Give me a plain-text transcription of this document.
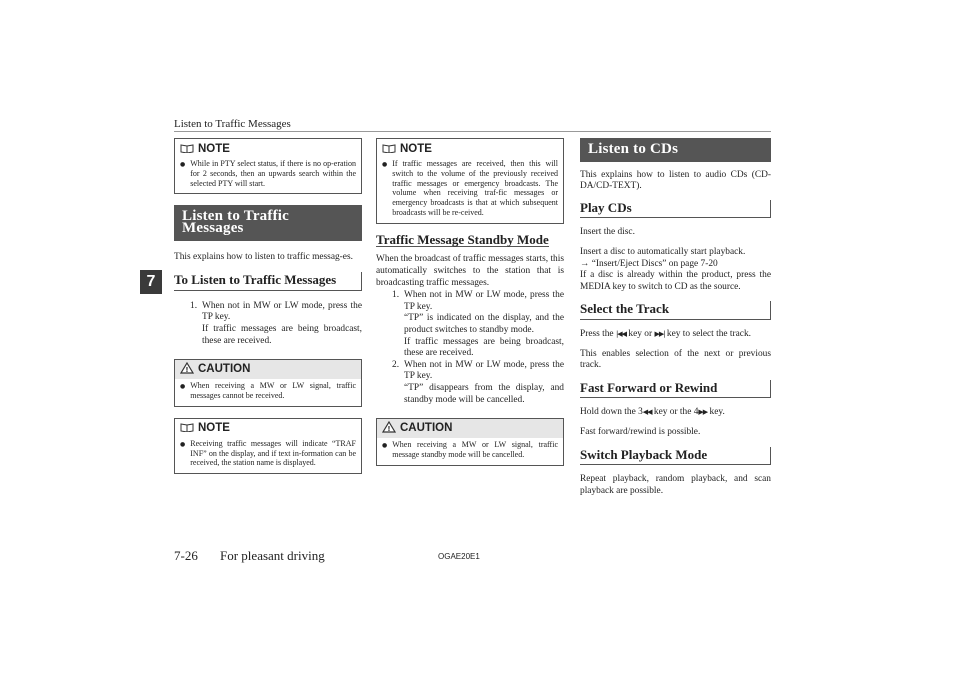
Listen to Traffic Messages
7
NOTE
● While in PTY select status, if there is no op-eration for 2 seconds, then an upwards search within the selected PTY will start.
Listen to Traffic Messages

This explains how to listen to traffic messag-es.

To Listen to Traffic Messages
1. When not in MW or LW mode, press the TP key.

If traffic messages are being broadcast, these are received.

! CAUTION
● When receiving a MW or LW signal, traffic messages cannot be received.
NOTE
● Receiving traffic messages will indicate “TRAF INF” on the display, and if text in-formation can be received, the station name is displayed.
NOTE
● If traffic messages are received, then this will switch to the volume of the previously received traffic messages or emergency broadcasts. The volume when receiving traf-fic messages or emergency broadcasts is that at which subsequent broadcasts will be re-ceived.
Traffic Message Standby Mode

When the broadcast of traffic messages starts, this automatically switches to the station that is broadcasting traffic messages.

1. When not in MW or LW mode, press the TP key.

“TP” is indicated on the display, and the product switches to standby mode.

If traffic messages are being broadcast, these are received.

2. When not in MW or LW mode, press the TP key.

“TP” disappears from the display, and standby mode will be cancelled.

! CAUTION
● When receiving a MW or LW signal, traffic message standby mode will be cancelled.
Listen to CDs

This explains how to listen to audio CDs (CD-DA/CD-TEXT).

Play CDs

Insert the disc.

Insert a disc to automatically start playback.

→ “Insert/Eject Discs” on page 7-20

If a disc is already within the product, press the MEDIA key to switch to CD as the source.

Select the Track

Press the |◀◀ key or ▶▶| key to select the track.

This enables selection of the next or previous track.

Fast Forward or Rewind

Hold down the 3◀◀ key or the 4▶▶ key.

Fast forward/rewind is possible.

Switch Playback Mode

Repeat playback, random playback, and scan playback are possible.

7-26 For pleasant driving	OGAE20E1
